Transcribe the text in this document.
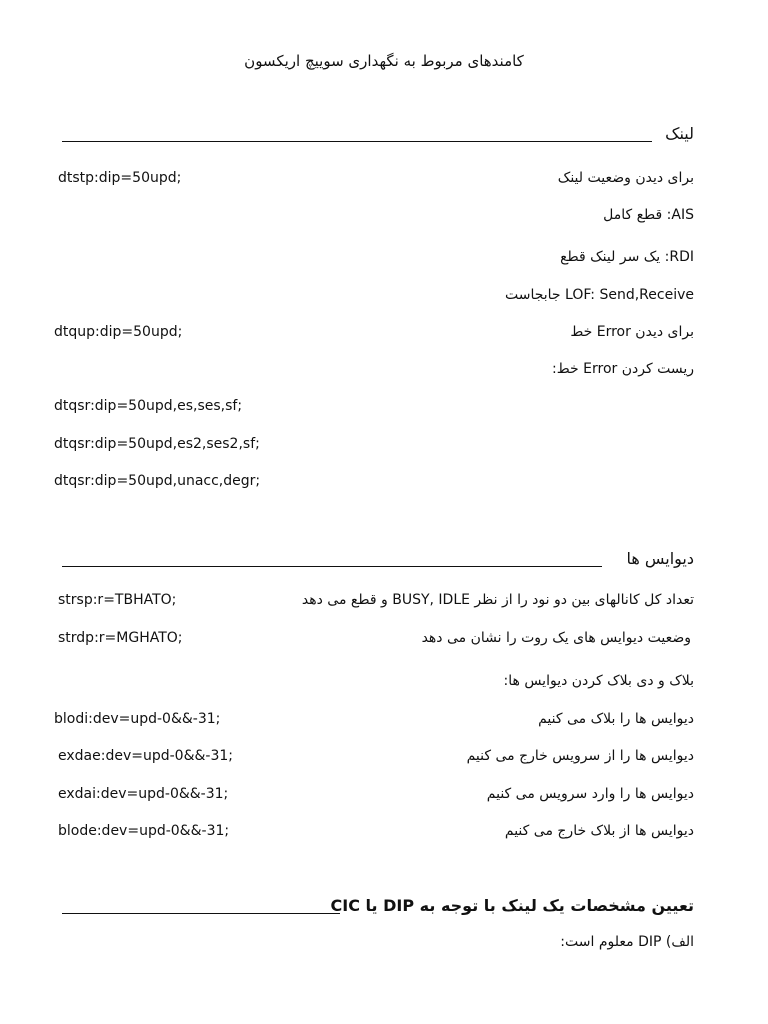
کامندهای مربوط به نگهداری سوییچ اریکسون
لینک
برای دیدن وضعیت لینک
dtstp:dip=50upd;
AIS: قطع کامل
RDI: یک سر لینک قطع
LOF: Send,Receive جابجاست
برای دیدن Error خط
dtqup:dip=50upd;
ریست کردن Error خط:
dtqsr:dip=50upd,es,ses,sf;
dtqsr:dip=50upd,es2,ses2,sf;
dtqsr:dip=50upd,unacc,degr;
دیوایس ها
تعداد کل کانالهای بین دو نود را از نظر BUSY, IDLE و قطع می دهد
strsp:r=TBHATO;
وضعیت دیوایس های یک روت را نشان می دهد
strdp:r=MGHATO;
بلاک و دی بلاک کردن دیوایس ها:
دیوایس ها را بلاک می کنیم
blodi:dev=upd-0&&-31;
دیوایس ها را از سرویس خارج می کنیم
exdae:dev=upd-0&&-31;
دیوایس ها را وارد سرویس می کنیم
exdai:dev=upd-0&&-31;
دیوایس ها از بلاک خارج می کنیم
blode:dev=upd-0&&-31;
تعیین مشخصات یک لینک با توجه به DIP یا CIC
الف) DIP معلوم است:
